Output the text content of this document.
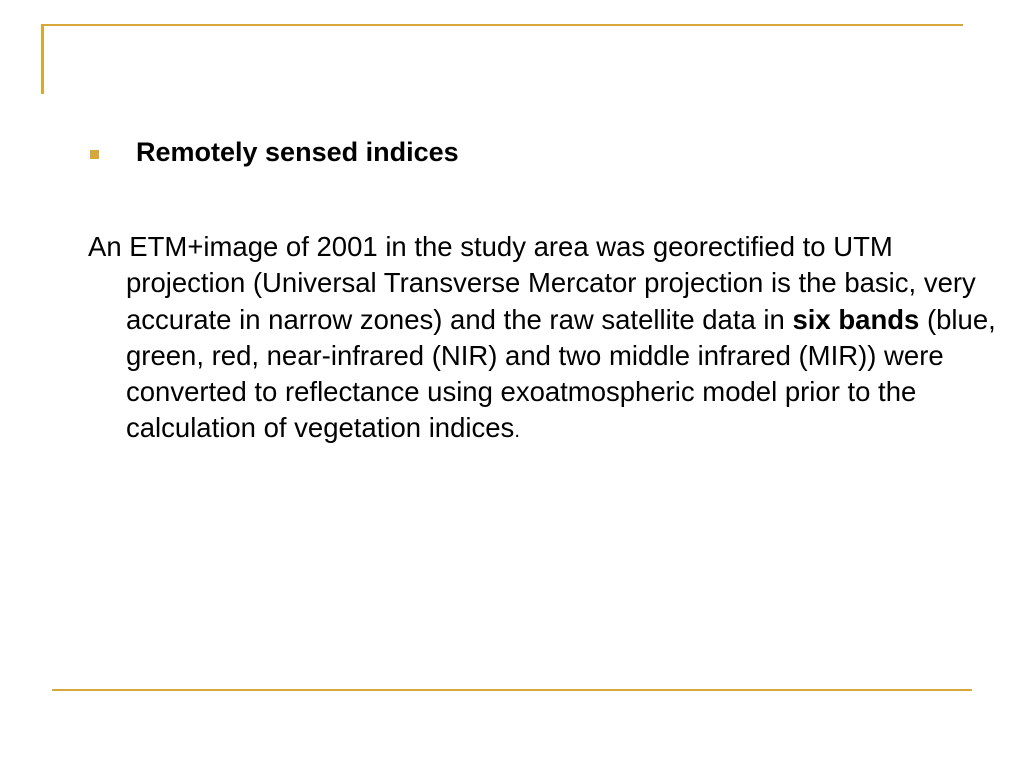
Remotely sensed indices

An ETM+image of 2001 in the study area was georectified to UTM projection (Universal Transverse Mercator projection is the basic, very accurate in narrow zones) and the raw satellite data in six bands (blue, green, red, near-infrared (NIR) and two middle infrared (MIR)) were converted to reflectance using exoatmospheric model prior to the calculation of vegetation indices.
